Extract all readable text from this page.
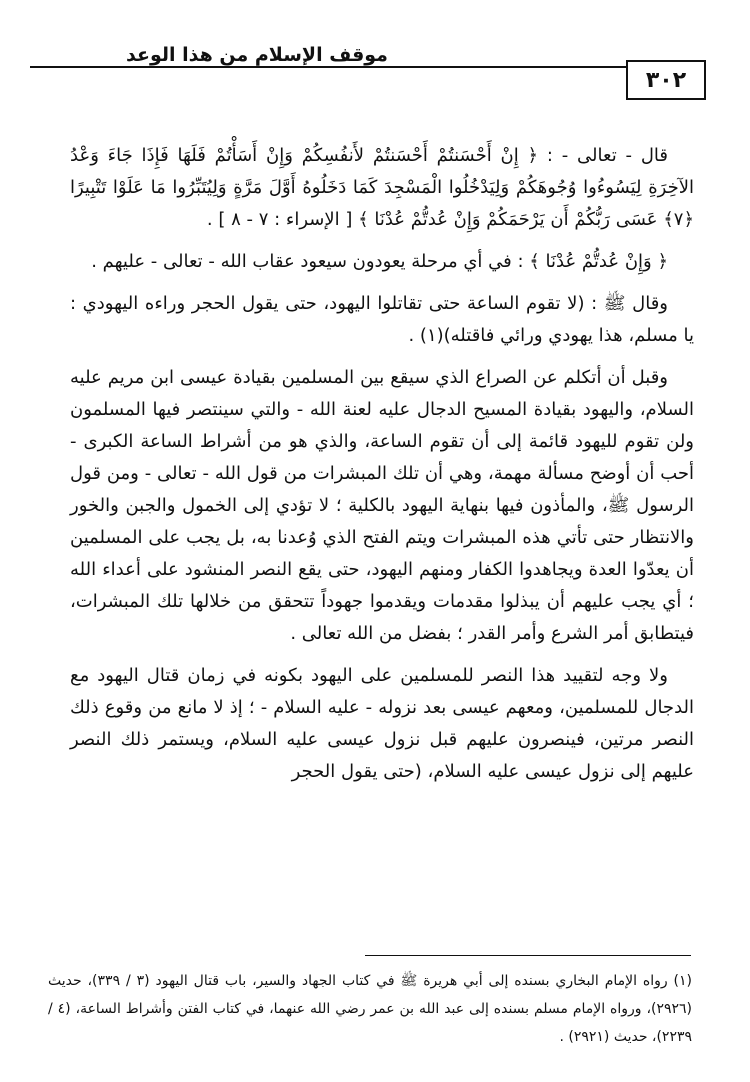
موقف الإسلام من هذا الوعد
٣٠٢

قال - تعالى - : ﴿ إِنْ أَحْسَنتُمْ أَحْسَنتُمْ لأَنفُسِكُمْ وَإِنْ أَسَأْتُمْ فَلَهَا فَإِذَا جَاءَ وَعْدُ الآخِرَةِ لِيَسُوءُوا وُجُوهَكُمْ وَلِيَدْخُلُوا الْمَسْجِدَ كَمَا دَخَلُوهُ أَوَّلَ مَرَّةٍ وَلِيُتَبِّرُوا مَا عَلَوْا تَتْبِيرًا ﴿٧﴾ عَسَى رَبُّكُمْ أَن يَرْحَمَكُمْ وَإِنْ عُدتُّمْ عُدْنَا ﴾ [ الإسراء : ٧ - ٨ ] .

﴿ وَإِنْ عُدتُّمْ عُدْنَا ﴾ : في أي مرحلة يعودون سيعود عقاب الله - تعالى - عليهم .

وقال ﷺ : (لا تقوم الساعة حتى تقاتلوا اليهود، حتى يقول الحجر وراءه اليهودي : يا مسلم، هذا يهودي ورائي فاقتله)(١) .

وقبل أن أتكلم عن الصراع الذي سيقع بين المسلمين بقيادة عيسى ابن مريم عليه السلام، واليهود بقيادة المسيح الدجال عليه لعنة الله - والتي سينتصر فيها المسلمون ولن تقوم لليهود قائمة إلى أن تقوم الساعة، والذي هو من أشراط الساعة الكبرى - أحب أن أوضح مسألة مهمة، وهي أن تلك المبشرات من قول الله - تعالى - ومن قول الرسول ﷺ، والمأذون فيها بنهاية اليهود بالكلية ؛ لا تؤدي إلى الخمول والجبن والخور والانتظار حتى تأتي هذه المبشرات ويتم الفتح الذي وُعدنا به، بل يجب على المسلمين أن يعدّوا العدة ويجاهدوا الكفار ومنهم اليهود، حتى يقع النصر المنشود على أعداء الله ؛ أي يجب عليهم أن يبذلوا مقدمات ويقدموا جهوداً تتحقق من خلالها تلك المبشرات، فيتطابق أمر الشرع وأمر القدر ؛ بفضل من الله تعالى .

ولا وجه لتقييد هذا النصر للمسلمين على اليهود بكونه في زمان قتال اليهود مع الدجال للمسلمين، ومعهم عيسى بعد نزوله - عليه السلام - ؛ إذ لا مانع من وقوع ذلك النصر مرتين، فينصرون عليهم قبل نزول عيسى عليه السلام، ويستمر ذلك النصر عليهم إلى نزول عيسى عليه السلام، (حتى يقول الحجر

(١) رواه الإمام البخاري بسنده إلى أبي هريرة ﷺ في كتاب الجهاد والسير، باب قتال اليهود (٣ / ٣٣٩)، حديث (٢٩٢٦)، ورواه الإمام مسلم بسنده إلى عبد الله بن عمر رضي الله عنهما، في كتاب الفتن وأشراط الساعة، (٤ / ٢٢٣٩)، حديث (٢٩٢١) .
